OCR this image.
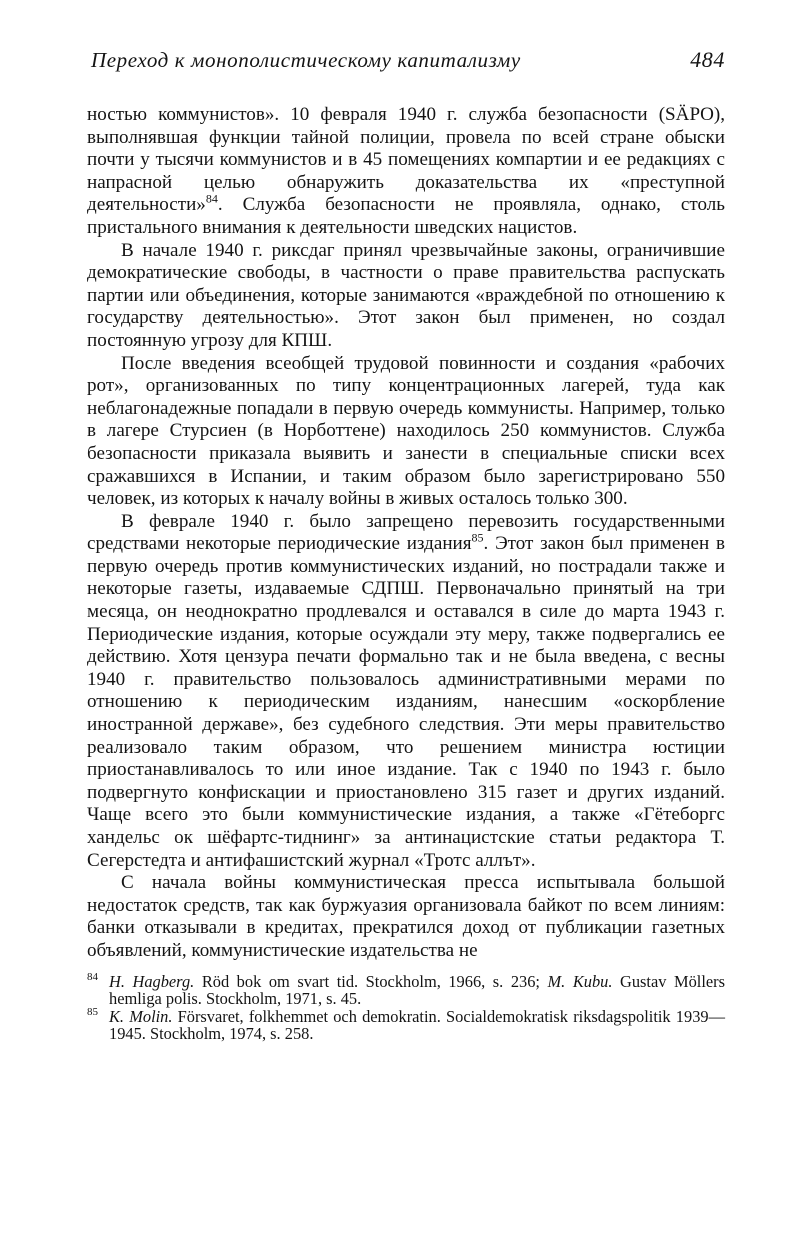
Переход к монополистическому капитализму	484

ностью коммунистов». 10 февраля 1940 г. служба безопасности (SÄPO), выполнявшая функции тайной полиции, провела по всей стране обыски почти у тысячи коммунистов и в 45 помещениях компартии и ее редакциях с напрасной целью обнаружить доказательства их «преступной деятельности»$^{84}$. Служба безопасности не проявляла, однако, столь пристального внимания к деятельности шведских нацистов.

В начале 1940 г. риксдаг принял чрезвычайные законы, ограничившие демократические свободы, в частности о праве правительства распускать партии или объединения, которые занимаются «враждебной по отношению к государству деятельностью». Этот закон был применен, но создал постоянную угрозу для КПШ.

После введения всеобщей трудовой повинности и создания «рабочих рот», организованных по типу концентрационных лагерей, туда как неблагонадежные попадали в первую очередь коммунисты. Например, только в лагере Стурсиен (в Норботтене) находилось 250 коммунистов. Служба безопасности приказала выявить и занести в специальные списки всех сражавшихся в Испании, и таким образом было зарегистрировано 550 человек, из которых к началу войны в живых осталось только 300.

В феврале 1940 г. было запрещено перевозить государственными средствами некоторые периодические издания$^{85}$. Этот закон был применен в первую очередь против коммунистических изданий, но пострадали также и некоторые газеты, издаваемые СДПШ. Первоначально принятый на три месяца, он неоднократно продлевался и оставался в силе до марта 1943 г. Периодические издания, которые осуждали эту меру, также подвергались ее действию. Хотя цензура печати формально так и не была введена, с весны 1940 г. правительство пользовалось административными мерами по отношению к периодическим изданиям, нанесшим «оскорбление иностранной державе», без судебного следствия. Эти меры правительство реализовало таким образом, что решением министра юстиции приостанавливалось то или иное издание. Так с 1940 по 1943 г. было подвергнуто конфискации и приостановлено 315 газет и других изданий. Чаще всего это были коммунистические издания, а также «Гётеборгс хандельс ок шёфартс-тиднинг» за антинацистские статьи редактора Т. Сегерстедта и антифашистский журнал «Тротс аллът».

С начала войны коммунистическая пресса испытывала большой недостаток средств, так как буржуазия организовала байкот по всем линиям: банки отказывали в кредитах, прекратился доход от публикации газетных объявлений, коммунистические издательства не

84 H. Hagberg. Röd bok om svart tid. Stockholm, 1966, s. 236; M. Kubu. Gustav Möllers hemliga polis. Stockholm, 1971, s. 45.

85 K. Molin. Försvaret, folkhemmet och demokratin. Socialdemokratisk riksdagspolitik 1939—1945. Stockholm, 1974, s. 258.
